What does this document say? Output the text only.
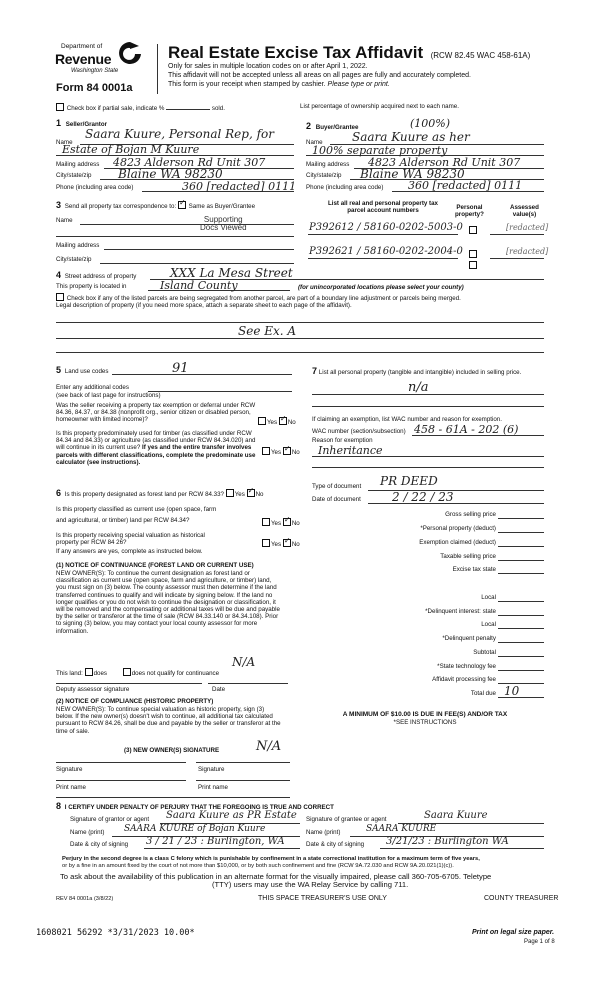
Department of
Revenue
Washington State
Form 84 0001a
Real Estate Excise Tax Affidavit (RCW 82.45 WAC 458-61A)
Only for sales in multiple location codes on or after April 1, 2022.
This affidavit will not be accepted unless all areas on all pages are fully and accurately completed.
This form is your receipt when stamped by cashier. Please type or print.
Check box if partial sale, indicate %	sold.	List percentage of ownership acquired next to each name.
1 Seller/Grantor
Name
Saara Kuure, Personal Rep, for
Estate of Bojan M Kuure
Mailing address 4823 Alderson Rd Unit 307
City/state/zip Blaine WA 98230
Phone (including area code)	360 [redacted] 0111
2 Buyer/Grantee	(100%)
Name Saara Kuure as her
100% separate property
Mailing address 4823 Alderson Rd Unit 307
City/state/zip Blaine WA 98230
Phone (including area code) 360 [redacted] 0111
3 Send all property tax correspondence to: ✓ Same as Buyer/Grantee
Name	Supporting
Docs Viewed
Mailing address
City/state/zip
List all real and personal property tax
parcel account numbers	Personal
property?
Assessed
value(s)
P392612 / 58160-0202-5003-0	[redacted]
P392621 / 58160-0202-2004-0	[redacted]
4 Street address of property	XXX La Mesa Street
This property is located in	Island County	(for unincorporated locations please select your county)
Check box if any of the listed parcels are being segregated from another parcel, are part of a boundary line adjustment or parcels being merged.
Legal description of property (if you need more space, attach a separate sheet to each page of the affidavit).
See Ex. A
5 Land use codes	91
Enter any additional codes
(see back of last page for instructions)
Was the seller receiving a property tax exemption or deferral under RCW 84.36, 84.37, or 84.38 (nonprofit org., senior citizen or disabled person, homeowner with limited income)?	Yes ✓ No
Is this property predominately used for timber (as classified under RCW 84.34 and 84.33) or agriculture (as classified under RCW 84.34.020) and will continue in its current use? If yes and the entire transfer involves parcels with different classifications, complete the predominate use calculator (see instructions).
Yes ✓ No
6 Is this property designated as forest land per RCW 84.33? Yes ✓ No
Is this property classified as current use (open space, farm
and agricultural, or timber) land per RCW 84.34?	Yes ✓ No
Is this property receiving special valuation as historical
property per RCW 84 26?	Yes ✓ No
If any answers are yes, complete as instructed below.
(1) NOTICE OF CONTINUANCE (FOREST LAND OR CURRENT USE)
NEW OWNER(S): To continue the current designation as forest land or classification as current use (open space, farm and agriculture, or timber) land, you must sign on (3) below. The county assessor must then determine if the land transferred continues to qualify and will indicate by signing below. If the land no longer qualifies or you do not wish to continue the designation or classification, it will be removed and the compensating or additional taxes will be due and payable by the seller or transferor at the time of sale (RCW 84.33.140 or 84.34.108). Prior to signing (3) below, you may contact your local county assessor for more information.
N/A
This land: does	does not qualify for continuance
Deputy assessor signature	Date
(2) NOTICE OF COMPLIANCE (HISTORIC PROPERTY)
NEW OWNER(S): To continue special valuation as historic property, sign (3) below. If the new owner(s) doesn't wish to continue, all additional tax calculated pursuant to RCW 84.26, shall be due and payable by the seller or transferor at the time of sale.
(3) NEW OWNER(S) SIGNATURE	N/A
Signature	Signature
Print name	Print name
7 List all personal property (tangible and intangible) included in selling price.
n/a
If claiming an exemption, list WAC number and reason for exemption.
WAC number (section/subsection) 458 - 61A - 202 (6)
Reason for exemption
Inheritance
Type of document PR DEED
Date of document	2 / 22 / 23
Gross selling price
*Personal property (deduct)
Exemption claimed (deduct)
Taxable selling price
Excise tax state
Local
*Delinquent interest: state
Local
*Delinquent penalty
Subtotal
*State technology fee
Affidavit processing fee
Total due 10
A MINIMUM OF $10.00 IS DUE IN FEE(S) AND/OR TAX
*SEE INSTRUCTIONS
8 I CERTIFY UNDER PENALTY OF PERJURY THAT THE FOREGOING IS TRUE AND CORRECT
Signature of grantor or agent Saara Kuure as PR Estate Signature of grantee or agent	Saara Kuure
Name (print) SAARA KUURE of Bojan Kuure	Name (print)	SAARA KUURE
Date & city of signing 3 / 21 / 23 : Burlington, WA	Date & city of signing 3/21/23 : Burlington WA
Perjury in the second degree is a class C felony which is punishable by confinement in a state correctional institution for a maximum term of five years,
or by a fine in an amount fixed by the court of not more than $10,000, or by both such confinement and fine (RCW 9A.72.030 and RCW 9A.20.021(1)(c)).
To ask about the availability of this publication in an alternate format for the visually impaired, please call 360-705-6705. Teletype
(TTY) users may use the WA Relay Service by calling 711.
REV 84 0001a (3/8/22)	THIS SPACE TREASURER'S USE ONLY	COUNTY TREASURER
1608021 56292 *3/31/2023 10.00*	Print on legal size paper.
Page 1 of 8
